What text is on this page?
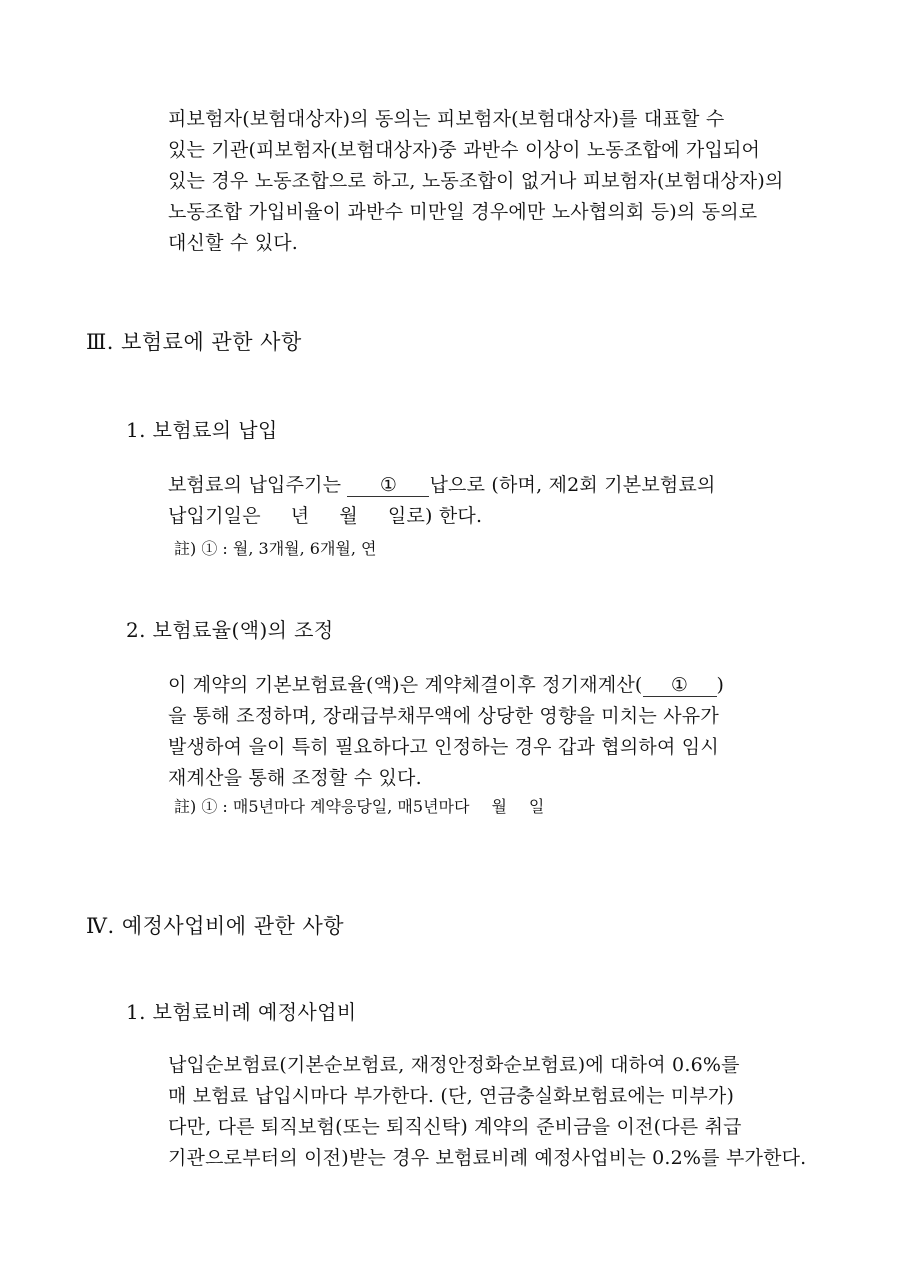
피보험자(보험대상자)의 동의는 피보험자(보험대상자)를 대표할 수
있는 기관(피보험자(보험대상자)중 과반수 이상이 노동조합에 가입되어
있는 경우 노동조합으로 하고, 노동조합이 없거나 피보험자(보험대상자)의
노동조합 가입비율이 과반수 미만일 경우에만 노사협의회 등)의 동의로
대신할 수 있다.
Ⅲ. 보험료에 관한 사항
1. 보험료의 납입
보험료의 납입주기는 ① 납으로 (하며, 제2회 기본보험료의
납입기일은 년 월 일로) 한다.
註) ① : 월, 3개월, 6개월, 연
2. 보험료율(액)의 조정
이 계약의 기본보험료율(액)은 계약체결이후 정기재계산( ① )
을 통해 조정하며, 장래급부채무액에 상당한 영향을 미치는 사유가
발생하여 을이 특히 필요하다고 인정하는 경우 갑과 협의하여 임시
재계산을 통해 조정할 수 있다.
註) ① : 매5년마다 계약응당일, 매5년마다 월 일
Ⅳ. 예정사업비에 관한 사항
1. 보험료비례 예정사업비
납입순보험료(기본순보험료, 재정안정화순보험료)에 대하여 0.6%를
매 보험료 납입시마다 부가한다. (단, 연금충실화보험료에는 미부가)
다만, 다른 퇴직보험(또는 퇴직신탁) 계약의 준비금을 이전(다른 취급
기관으로부터의 이전)받는 경우 보험료비례 예정사업비는 0.2%를 부가한다.
